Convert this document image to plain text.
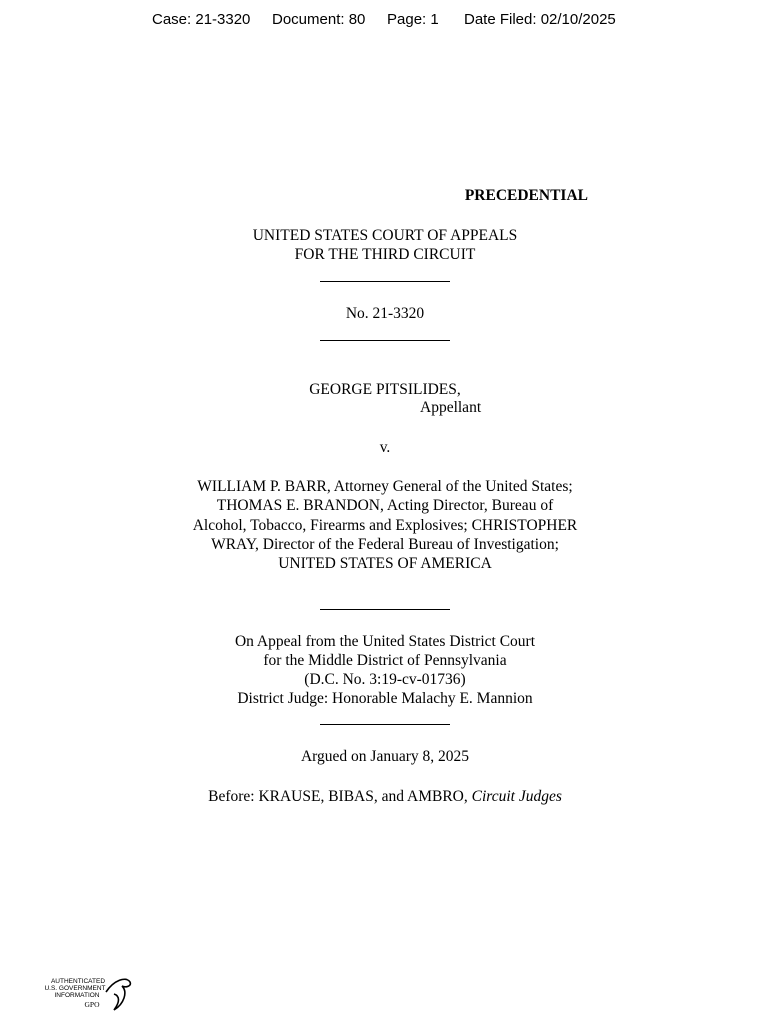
Case: 21-3320

Document: 80

Page: 1

Date Filed: 02/10/2025

PRECEDENTIAL
UNITED STATES COURT OF APPEALS
FOR THE THIRD CIRCUIT
No. 21-3320
GEORGE PITSILIDES,
Appellant
v.
WILLIAM P. BARR, Attorney General of the United States;
THOMAS E. BRANDON, Acting Director, Bureau of
Alcohol, Tobacco, Firearms and Explosives; CHRISTOPHER
WRAY, Director of the Federal Bureau of Investigation;
UNITED STATES OF AMERICA
On Appeal from the United States District Court
for the Middle District of Pennsylvania
(D.C. No. 3:19-cv-01736)
District Judge: Honorable Malachy E. Mannion
Argued on January 8, 2025
Before: KRAUSE, BIBAS, and AMBRO, Circuit Judges
AUTHENTICATED
U.S. GOVERNMENT
INFORMATION
GPO
